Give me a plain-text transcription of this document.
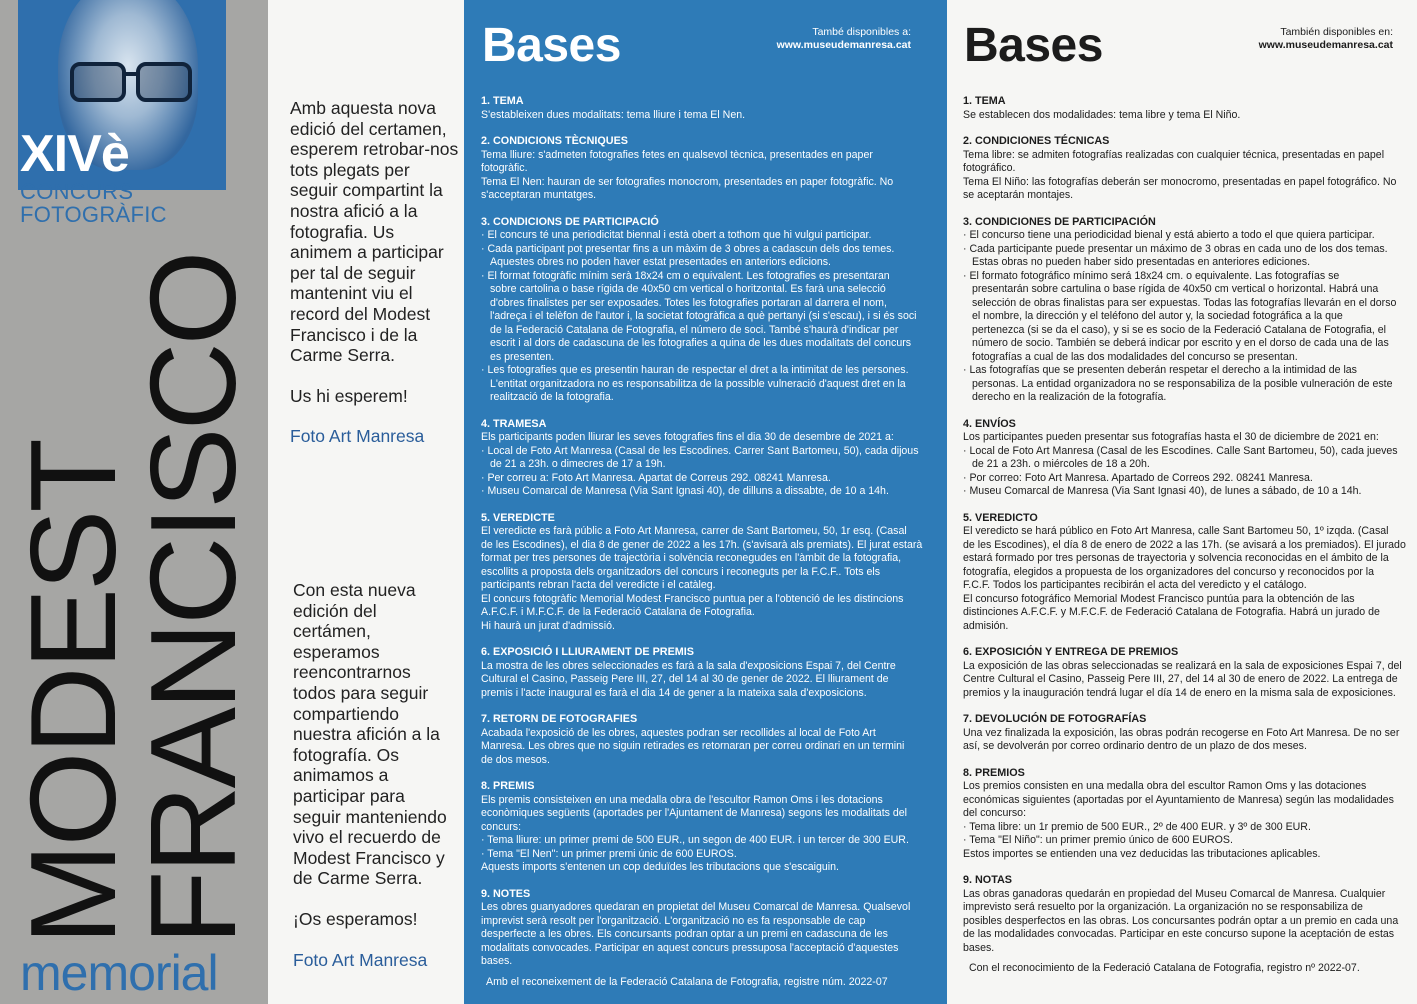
XIVè
CONCURS
FOTOGRÀFIC
MODEST
FRANCISCO
memorial

Amb aquesta nova
edició del certamen,
esperem retrobar-nos
tots plegats per
seguir compartint la
nostra afició a la
fotografia. Us
animem a participar
per tal de seguir
mantenint viu el
record del Modest
Francisco i de la
Carme Serra.

Us hi esperem!

Foto Art Manresa

Con esta nueva
edición del
certámen,
esperamos
reencontrarnos
todos para seguir
compartiendo
nuestra afición a la
fotografía. Os
animamos a
participar para
seguir manteniendo
vivo el recuerdo de
Modest Francisco y
de Carme Serra.

¡Os esperamos!

Foto Art Manresa

Bases	També disponibles a:
www.museudemanresa.cat
1. TEMA
S'estableixen dues modalitats: tema lliure i tema El Nen.
2. CONDICIONS TÈCNIQUES
Tema lliure: s'admeten fotografies fetes en qualsevol tècnica, presentades en paper
fotogràfic.
Tema El Nen: hauran de ser fotografies monocrom, presentades en paper fotogràfic. No
s'acceptaran muntatges.
3. CONDICIONS DE PARTICIPACIÓ
· El concurs té una periodicitat biennal i està obert a tothom que hi vulgui participar.
· Cada participant pot presentar fins a un màxim de 3 obres a cadascun dels dos temes.
Aquestes obres no poden haver estat presentades en anteriors edicions.
· El format fotogràfic mínim serà 18x24 cm o equivalent. Les fotografies es presentaran
sobre cartolina o base rígida de 40x50 cm vertical o horitzontal. Es farà una selecció
d'obres finalistes per ser exposades. Totes les fotografies portaran al darrera el nom,
l'adreça i el telèfon de l'autor i, la societat fotogràfica a què pertanyi (si s'escau), i si és soci
de la Federació Catalana de Fotografia, el número de soci. També s'haurà d'indicar per
escrit i al dors de cadascuna de les fotografies a quina de les dues modalitats del concurs
es presenten.
· Les fotografies que es presentin hauran de respectar el dret a la intimitat de les persones.
L'entitat organitzadora no es responsabilitza de la possible vulneració d'aquest dret en la
realització de la fotografia.
4. TRAMESA
Els participants poden lliurar les seves fotografies fins el dia 30 de desembre de 2021 a:
· Local de Foto Art Manresa (Casal de les Escodines. Carrer Sant Bartomeu, 50), cada dijous
de 21 a 23h. o dimecres de 17 a 19h.
· Per correu a: Foto Art Manresa. Apartat de Correus 292. 08241 Manresa.
· Museu Comarcal de Manresa (Via Sant Ignasi 40), de dilluns a dissabte, de 10 a 14h.
5. VEREDICTE
El veredicte es farà públic a Foto Art Manresa, carrer de Sant Bartomeu, 50, 1r esq. (Casal
de les Escodines), el dia 8 de gener de 2022 a les 17h. (s'avisarà als premiats). El jurat estarà
format per tres persones de trajectòria i solvència reconegudes en l'àmbit de la fotografia,
escollits a proposta dels organitzadors del concurs i reconeguts per la F.C.F.. Tots els
participants rebran l'acta del veredicte i el catàleg.
El concurs fotogràfic Memorial Modest Francisco puntua per a l'obtenció de les distincions
A.F.C.F. i M.F.C.F. de la Federació Catalana de Fotografia.
Hi haurà un jurat d'admissió.
6. EXPOSICIÓ I LLIURAMENT DE PREMIS
La mostra de les obres seleccionades es farà a la sala d'exposicions Espai 7, del Centre
Cultural el Casino, Passeig Pere III, 27, del 14 al 30 de gener de 2022. El lliurament de
premis i l'acte inaugural es farà el dia 14 de gener a la mateixa sala d'exposicions.
7. RETORN DE FOTOGRAFIES
Acabada l'exposició de les obres, aquestes podran ser recollides al local de Foto Art
Manresa. Les obres que no siguin retirades es retornaran per correu ordinari en un termini
de dos mesos.
8. PREMIS
Els premis consisteixen en una medalla obra de l'escultor Ramon Oms i les dotacions
econòmiques següents (aportades per l'Ajuntament de Manresa) segons les modalitats del
concurs:
· Tema lliure: un primer premi de 500 EUR., un segon de 400 EUR. i un tercer de 300 EUR.
· Tema "El Nen": un primer premi únic de 600 EUROS.
Aquests imports s'entenen un cop deduïdes les tributacions que s'escaiguin.
9. NOTES
Les obres guanyadores quedaran en propietat del Museu Comarcal de Manresa. Qualsevol
imprevist serà resolt per l'organització. L'organització no es fa responsable de cap
desperfecte a les obres. Els concursants podran optar a un premi en cadascuna de les
modalitats convocades. Participar en aquest concurs pressuposa l'acceptació d'aquestes
bases.
Amb el reconeixement de la Federació Catalana de Fotografia, registre núm. 2022-07
Bases	También disponibles en:
www.museudemanresa.cat
1. TEMA
Se establecen dos modalidades: tema libre y tema El Niño.
2. CONDICIONES TÉCNICAS
Tema libre: se admiten fotografías realizadas con cualquier técnica, presentadas en papel
fotográfico.
Tema El Niño: las fotografías deberán ser monocromo, presentadas en papel fotográfico. No
se aceptarán montajes.
3. CONDICIONES DE PARTICIPACIÓN
· El concurso tiene una periodicidad bienal y está abierto a todo el que quiera participar.
· Cada participante puede presentar un máximo de 3 obras en cada uno de los dos temas.
Estas obras no pueden haber sido presentadas en anteriores ediciones.
· El formato fotográfico mínimo será 18x24 cm. o equivalente. Las fotografías se
presentarán sobre cartulina o base rígida de 40x50 cm vertical o horizontal. Habrá una
selección de obras finalistas para ser expuestas. Todas las fotografías llevarán en el dorso
el nombre, la dirección y el teléfono del autor y, la sociedad fotográfica a la que
pertenezca (si se da el caso), y si se es socio de la Federació Catalana de Fotografia, el
número de socio. También se deberá indicar por escrito y en el dorso de cada una de las
fotografías a cual de las dos modalidades del concurso se presentan.
· Las fotografías que se presenten deberán respetar el derecho a la intimidad de las
personas. La entidad organizadora no se responsabiliza de la posible vulneración de este
derecho en la realización de la fotografía.
4. ENVÍOS
Los participantes pueden presentar sus fotografías hasta el 30 de diciembre de 2021 en:
· Local de Foto Art Manresa (Casal de les Escodines. Calle Sant Bartomeu, 50), cada jueves
de 21 a 23h. o miércoles de 18 a 20h.
· Por correo: Foto Art Manresa. Apartado de Correos 292. 08241 Manresa.
· Museu Comarcal de Manresa (Via Sant Ignasi 40), de lunes a sábado, de 10 a 14h.
5. VEREDICTO
El veredicto se hará público en Foto Art Manresa, calle Sant Bartomeu 50, 1º izqda. (Casal
de les Escodines), el día 8 de enero de 2022 a las 17h. (se avisará a los premiados). El jurado
estará formado por tres personas de trayectoria y solvencia reconocidas en el ámbito de la
fotografía, elegidos a propuesta de los organizadores del concurso y reconocidos por la
F.C.F. Todos los participantes recibirán el acta del veredicto y el catálogo.
El concurso fotográfico Memorial Modest Francisco puntúa para la obtención de las
distinciones A.F.C.F. y M.F.C.F. de Federació Catalana de Fotografia. Habrá un jurado de
admisión.
6. EXPOSICIÓN Y ENTREGA DE PREMIOS
La exposición de las obras seleccionadas se realizará en la sala de exposiciones Espai 7, del
Centre Cultural el Casino, Passeig Pere III, 27, del 14 al 30 de enero de 2022. La entrega de
premios y la inauguración tendrá lugar el día 14 de enero en la misma sala de exposiciones.
7. DEVOLUCIÓN DE FOTOGRAFÍAS
Una vez finalizada la exposición, las obras podrán recogerse en Foto Art Manresa. De no ser
así, se devolverán por correo ordinario dentro de un plazo de dos meses.
8. PREMIOS
Los premios consisten en una medalla obra del escultor Ramon Oms y las dotaciones
económicas siguientes (aportadas por el Ayuntamiento de Manresa) según las modalidades
del concurso:
· Tema libre: un 1r premio de 500 EUR., 2º de 400 EUR. y 3º de 300 EUR.
· Tema "El Niño": un primer premio único de 600 EUROS.
Estos importes se entienden una vez deducidas las tributaciones aplicables.
9. NOTAS
Las obras ganadoras quedarán en propiedad del Museu Comarcal de Manresa. Cualquier
imprevisto será resuelto por la organización. La organización no se responsabiliza de
posibles desperfectos en las obras. Los concursantes podrán optar a un premio en cada una
de las modalidades convocadas. Participar en este concurso supone la aceptación de estas
bases.
Con el reconocimiento de la Federació Catalana de Fotografia, registro nº 2022-07.
